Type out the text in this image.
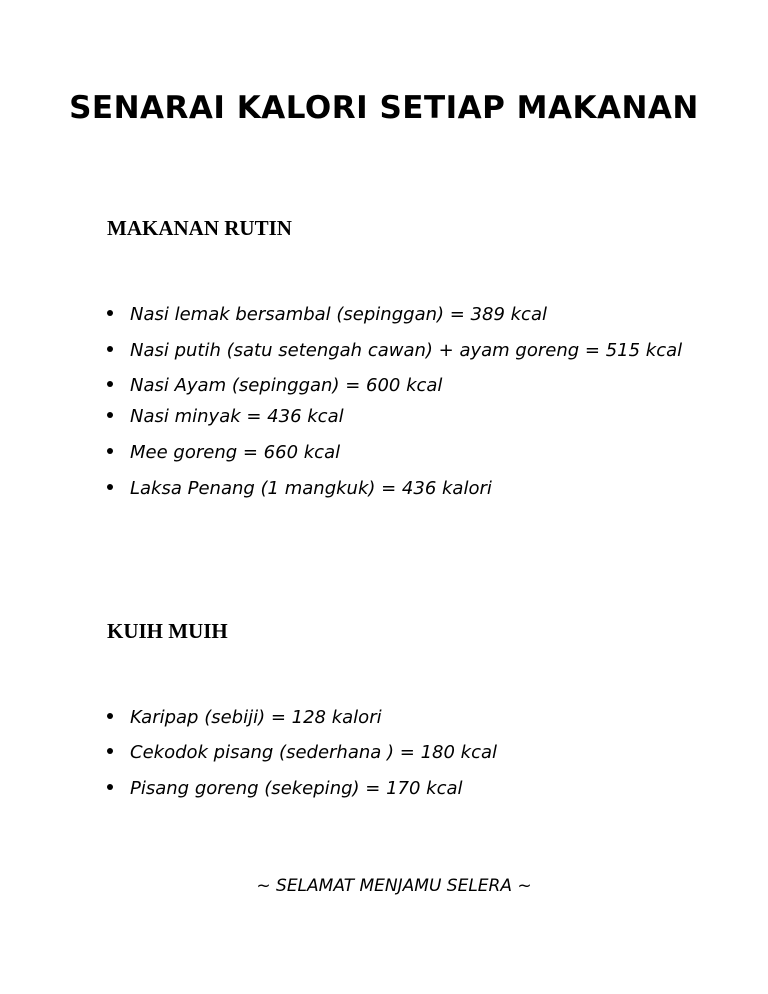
SENARAI KALORI SETIAP MAKANAN
MAKANAN RUTIN
Nasi lemak bersambal (sepinggan) = 389 kcal
Nasi putih (satu setengah cawan) + ayam goreng = 515 kcal
Nasi Ayam (sepinggan) = 600 kcal
Nasi minyak = 436 kcal
Mee goreng = 660 kcal
Laksa Penang (1 mangkuk) = 436 kalori
KUIH MUIH
Karipap (sebiji) = 128 kalori
Cekodok pisang (sederhana ) = 180 kcal
Pisang goreng (sekeping) = 170 kcal

~ SELAMAT MENJAMU SELERA ~
